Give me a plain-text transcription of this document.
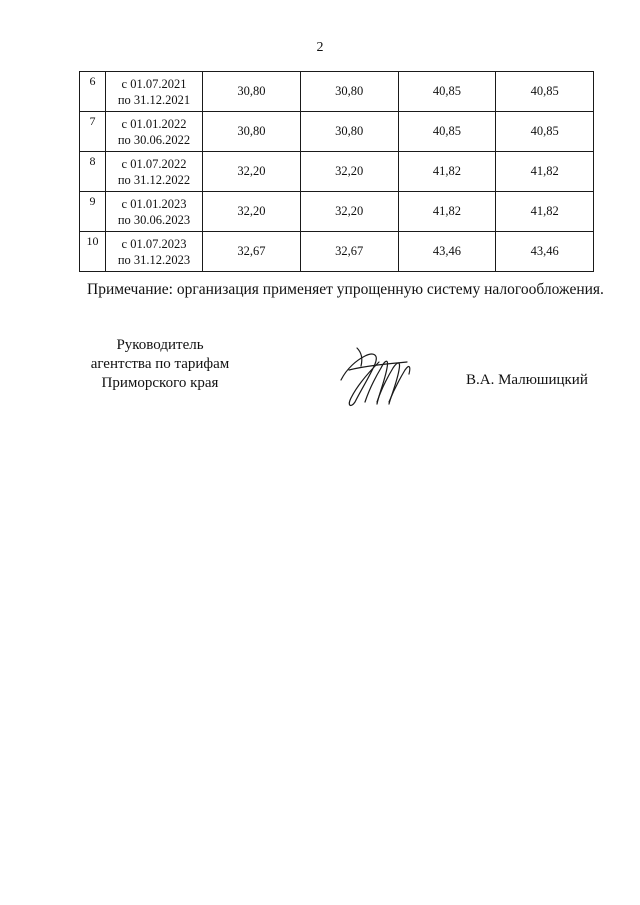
2
6	с 01.07.2021
по 31.12.2021	30,80	30,80	40,85	40,85
7	с 01.01.2022
по 30.06.2022	30,80	30,80	40,85	40,85
8	с 01.07.2022
по 31.12.2022	32,20	32,20	41,82	41,82
9	с 01.01.2023
по 30.06.2023	32,20	32,20	41,82	41,82
10	с 01.07.2023
по 31.12.2023	32,67	32,67	43,46	43,46
Примечание: организация применяет упрощенную систему налогообложения.
Руководитель
агентства по тарифам
Приморского края	В.А. Малюшицкий
